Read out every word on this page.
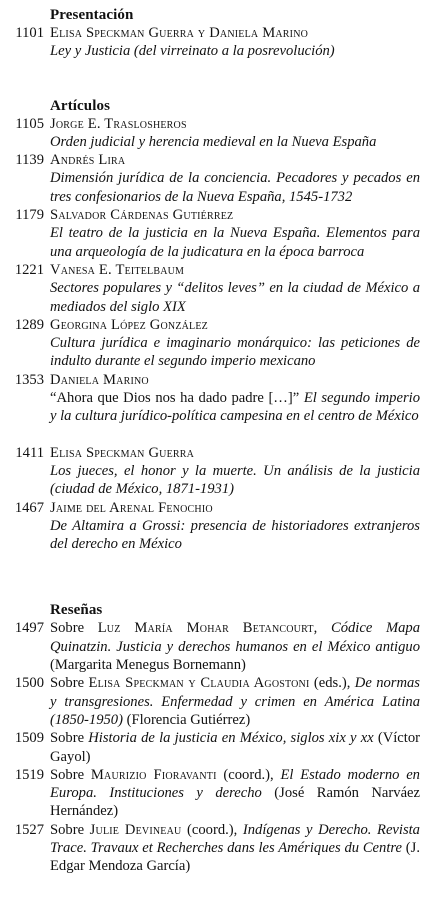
Presentación
1101 Elisa Speckman Guerra y Daniela Marino
Ley y Justicia (del virreinato a la posrevolución)
Artículos
1105 Jorge E. Traslosheros
Orden judicial y herencia medieval en la Nueva España
1139 Andrés Lira
Dimensión jurídica de la conciencia. Pecadores y pecados en tres confesionarios de la Nueva España, 1545-1732
1179 Salvador Cárdenas Gutiérrez
El teatro de la justicia en la Nueva España. Elementos para una arqueología de la judicatura en la época barroca
1221 Vanesa E. Teitelbaum
Sectores populares y “delitos leves” en la ciudad de México a mediados del siglo XIX
1289 Georgina López González
Cultura jurídica e imaginario monárquico: las peticiones de indulto durante el segundo imperio mexicano
1353 Daniela Marino
“Ahora que Dios nos ha dado padre […]” El segundo imperio y la cultura jurídico-política campesina en el centro de México
1411 Elisa Speckman Guerra
Los jueces, el honor y la muerte. Un análisis de la justicia (ciudad de México, 1871-1931)
1467 Jaime del Arenal Fenochio
De Altamira a Grossi: presencia de historiadores extranjeros del derecho en México
Reseñas
1497 Sobre Luz María Mohar Betancourt, Códice Mapa Quinatzin. Justicia y derechos humanos en el México antiguo (Margarita Menegus Bornemann)
1500 Sobre Elisa Speckman y Claudia Agostoni (eds.), De normas y transgresiones. Enfermedad y crimen en América Latina (1850-1950) (Florencia Gutiérrez)
1509 Sobre Historia de la justicia en México, siglos xix y xx (Víctor Gayol)
1519 Sobre Maurizio Fioravanti (coord.), El Estado moderno en Europa. Instituciones y derecho (José Ramón Narváez Hernández)
1527 Sobre Julie Devineau (coord.), Indígenas y Derecho. Revista Trace. Travaux et Recherches dans les Amériques du Centre (J. Edgar Mendoza García)
